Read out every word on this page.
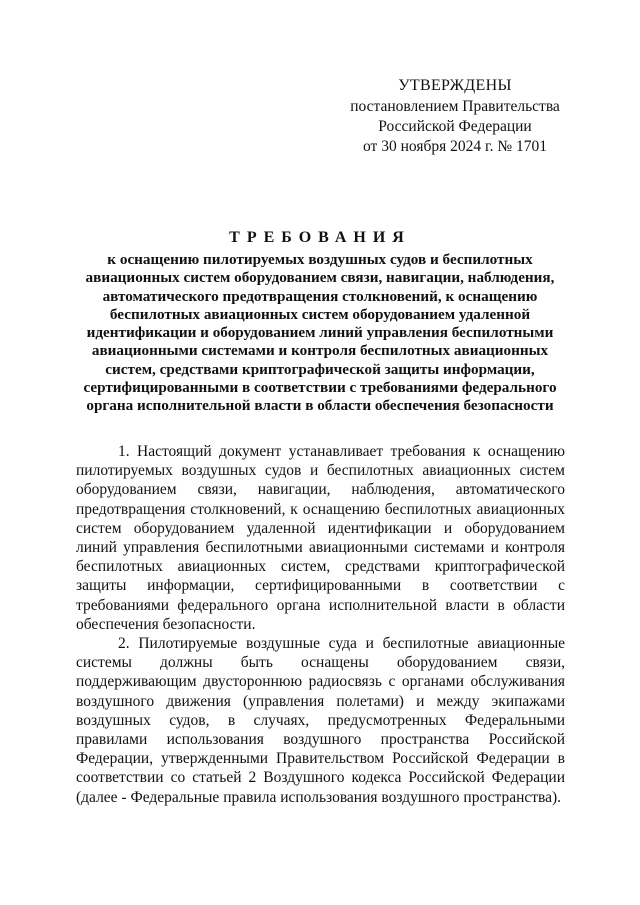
УТВЕРЖДЕНЫ
постановлением Правительства
Российской Федерации
от 30 ноября 2024 г. № 1701
ТРЕБОВАНИЯ
к оснащению пилотируемых воздушных судов и беспилотных авиационных систем оборудованием связи, навигации, наблюдения, автоматического предотвращения столкновений, к оснащению беспилотных авиационных систем оборудованием удаленной идентификации и оборудованием линий управления беспилотными авиационными системами и контроля беспилотных авиационных систем, средствами криптографической защиты информации, сертифицированными в соответствии с требованиями федерального органа исполнительной власти в области обеспечения безопасности

1. Настоящий документ устанавливает требования к оснащению пилотируемых воздушных судов и беспилотных авиационных систем оборудованием связи, навигации, наблюдения, автоматического предотвращения столкновений, к оснащению беспилотных авиационных систем оборудованием удаленной идентификации и оборудованием линий управления беспилотными авиационными системами и контроля беспилотных авиационных систем, средствами криптографической защиты информации, сертифицированными в соответствии с требованиями федерального органа исполнительной власти в области обеспечения безопасности.

2. Пилотируемые воздушные суда и беспилотные авиационные системы должны быть оснащены оборудованием связи, поддерживающим двустороннюю радиосвязь с органами обслуживания воздушного движения (управления полетами) и между экипажами воздушных судов, в случаях, предусмотренных Федеральными правилами использования воздушного пространства Российской Федерации, утвержденными Правительством Российской Федерации в соответствии со статьей 2 Воздушного кодекса Российской Федерации (далее - Федеральные правила использования воздушного пространства).
